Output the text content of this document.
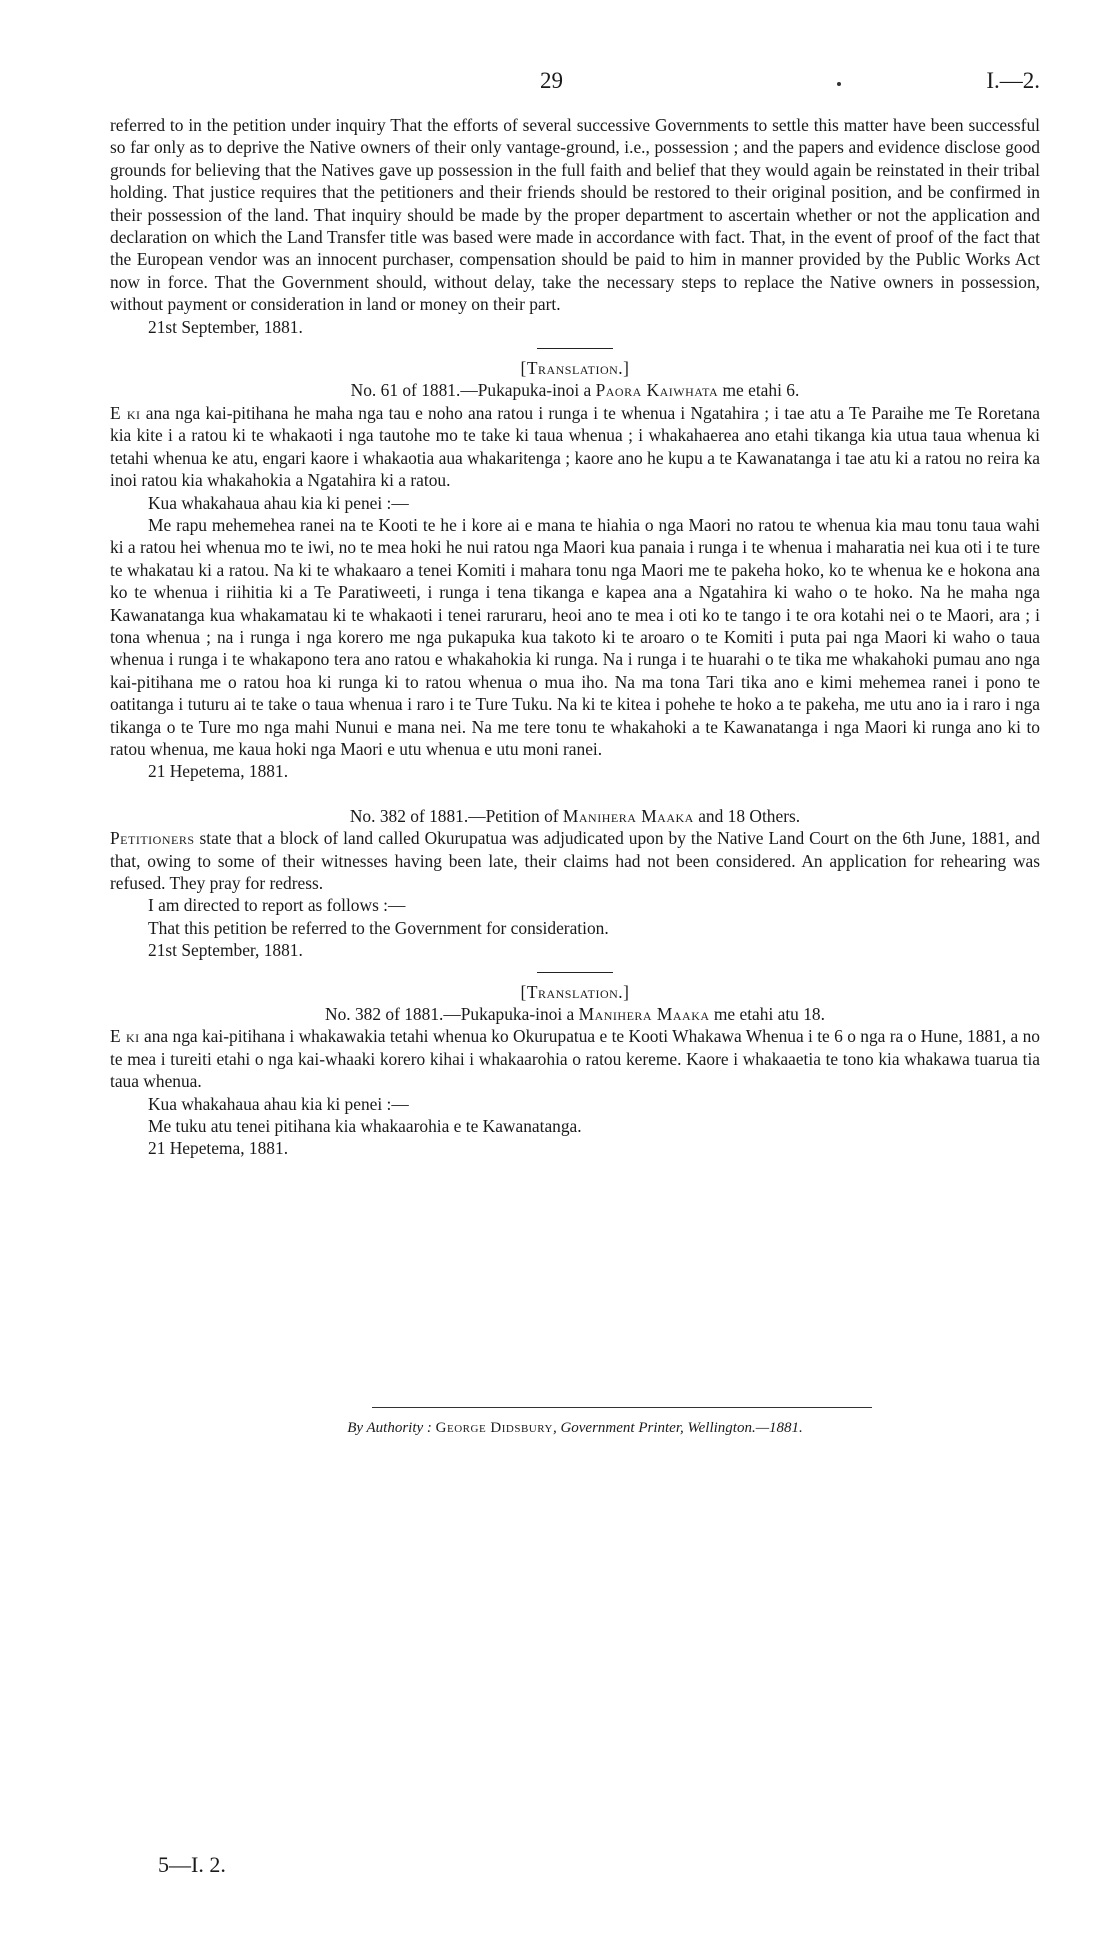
29	I.—2.

referred to in the petition under inquiry That the efforts of several successive Governments to settle this matter have been successful so far only as to deprive the Native owners of their only vantage-ground, i.e., possession ; and the papers and evidence disclose good grounds for believing that the Natives gave up possession in the full faith and belief that they would again be reinstated in their tribal holding. That justice requires that the petitioners and their friends should be restored to their original position, and be confirmed in their possession of the land. That inquiry should be made by the proper department to ascertain whether or not the application and declaration on which the Land Transfer title was based were made in accordance with fact. That, in the event of proof of the fact that the European vendor was an innocent purchaser, compensation should be paid to him in manner provided by the Public Works Act now in force. That the Government should, without delay, take the necessary steps to replace the Native owners in possession, without payment or consideration in land or money on their part.

21st September, 1881.

[Translation.]

No. 61 of 1881.—Pukapuka-inoi a Paora Kaiwhata me etahi 6.

E ki ana nga kai-pitihana he maha nga tau e noho ana ratou i runga i te whenua i Ngatahira ; i tae atu a Te Paraihe me Te Roretana kia kite i a ratou ki te whakaoti i nga tautohe mo te take ki taua whenua ; i whakahaerea ano etahi tikanga kia utua taua whenua ki tetahi whenua ke atu, engari kaore i whakaotia aua whakaritenga ; kaore ano he kupu a te Kawanatanga i tae atu ki a ratou no reira ka inoi ratou kia whakahokia a Ngatahira ki a ratou.

Kua whakahaua ahau kia ki penei :—

Me rapu mehemehea ranei na te Kooti te he i kore ai e mana te hiahia o nga Maori no ratou te whenua kia mau tonu taua wahi ki a ratou hei whenua mo te iwi, no te mea hoki he nui ratou nga Maori kua panaia i runga i te whenua i maharatia nei kua oti i te ture te whakatau ki a ratou. Na ki te whakaaro a tenei Komiti i mahara tonu nga Maori me te pakeha hoko, ko te whenua ke e hokona ana ko te whenua i riihitia ki a Te Paratiweeti, i runga i tena tikanga e kapea ana a Ngatahira ki waho o te hoko. Na he maha nga Kawanatanga kua whakamatau ki te whakaoti i tenei raruraru, heoi ano te mea i oti ko te tango i te ora kotahi nei o te Maori, ara ; i tona whenua ; na i runga i nga korero me nga pukapuka kua takoto ki te aroaro o te Komiti i puta pai nga Maori ki waho o taua whenua i runga i te whakapono tera ano ratou e whakahokia ki runga. Na i runga i te huarahi o te tika me whakahoki pumau ano nga kai-pitihana me o ratou hoa ki runga ki to ratou whenua o mua iho. Na ma tona Tari tika ano e kimi mehemea ranei i pono te oatitanga i tuturu ai te take o taua whenua i raro i te Ture Tuku. Na ki te kitea i pohehe te hoko a te pakeha, me utu ano ia i raro i nga tikanga o te Ture mo nga mahi Nunui e mana nei. Na me tere tonu te whakahoki a te Kawanatanga i nga Maori ki runga ano ki to ratou whenua, me kaua hoki nga Maori e utu whenua e utu moni ranei.

21 Hepetema, 1881.

No. 382 of 1881.—Petition of Manihera Maaka and 18 Others.

Petitioners state that a block of land called Okurupatua was adjudicated upon by the Native Land Court on the 6th June, 1881, and that, owing to some of their witnesses having been late, their claims had not been considered. An application for rehearing was refused. They pray for redress.

I am directed to report as follows :—

That this petition be referred to the Government for consideration.

21st September, 1881.

[Translation.]

No. 382 of 1881.—Pukapuka-inoi a Manihera Maaka me etahi atu 18.

E ki ana nga kai-pitihana i whakawakia tetahi whenua ko Okurupatua e te Kooti Whakawa Whenua i te 6 o nga ra o Hune, 1881, a no te mea i tureiti etahi o nga kai-whaaki korero kihai i whakaarohia o ratou kereme. Kaore i whakaaetia te tono kia whakawa tuarua tia taua whenua.

Kua whakahaua ahau kia ki penei :—

Me tuku atu tenei pitihana kia whakaarohia e te Kawanatanga.

21 Hepetema, 1881.

By Authority : George Didsbury, Government Printer, Wellington.—1881.
5—I. 2.
